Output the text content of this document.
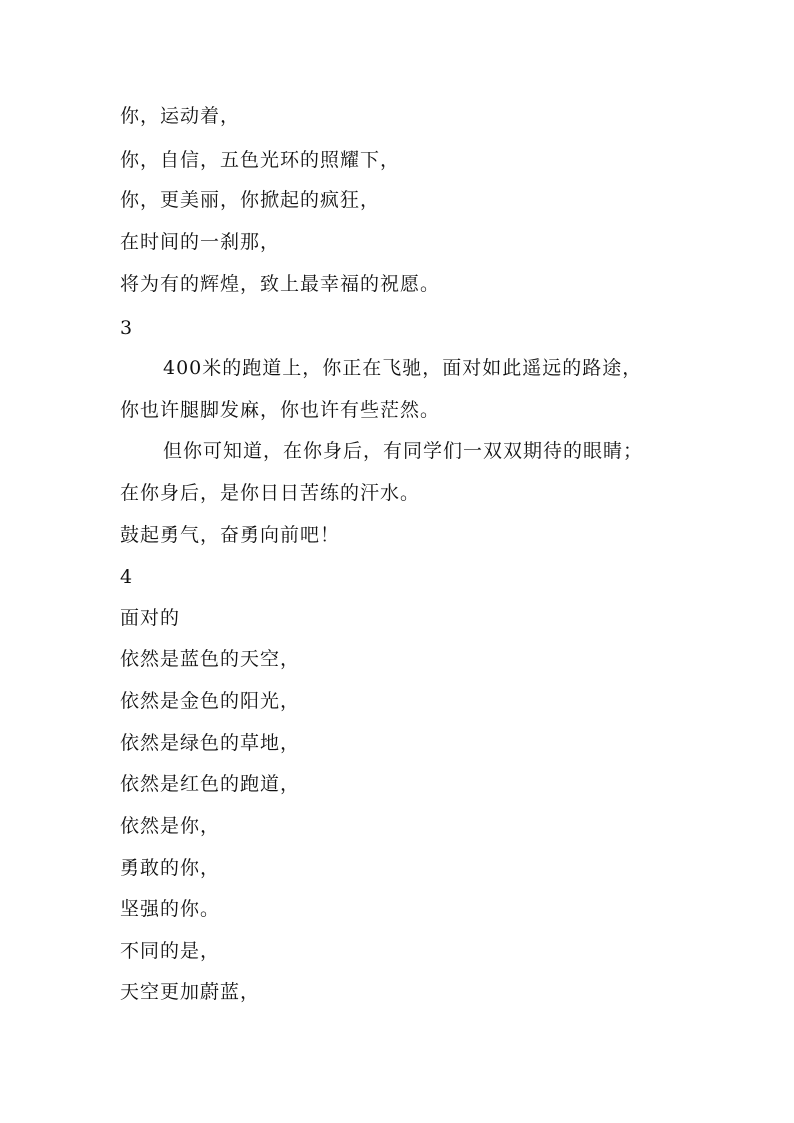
你，运动着，
你，自信，五色光环的照耀下，
你，更美丽，你掀起的疯狂，
在时间的一刹那，
将为有的辉煌，致上最幸福的祝愿。
3
400米的跑道上，你正在飞驰，面对如此遥远的路途，
你也许腿脚发麻，你也许有些茫然。
但你可知道，在你身后，有同学们一双双期待的眼睛；
在你身后，是你日日苦练的汗水。
鼓起勇气，奋勇向前吧！
4
面对的
依然是蓝色的天空，
依然是金色的阳光，
依然是绿色的草地，
依然是红色的跑道，
依然是你，
勇敢的你，
坚强的你。
不同的是，
天空更加蔚蓝，
